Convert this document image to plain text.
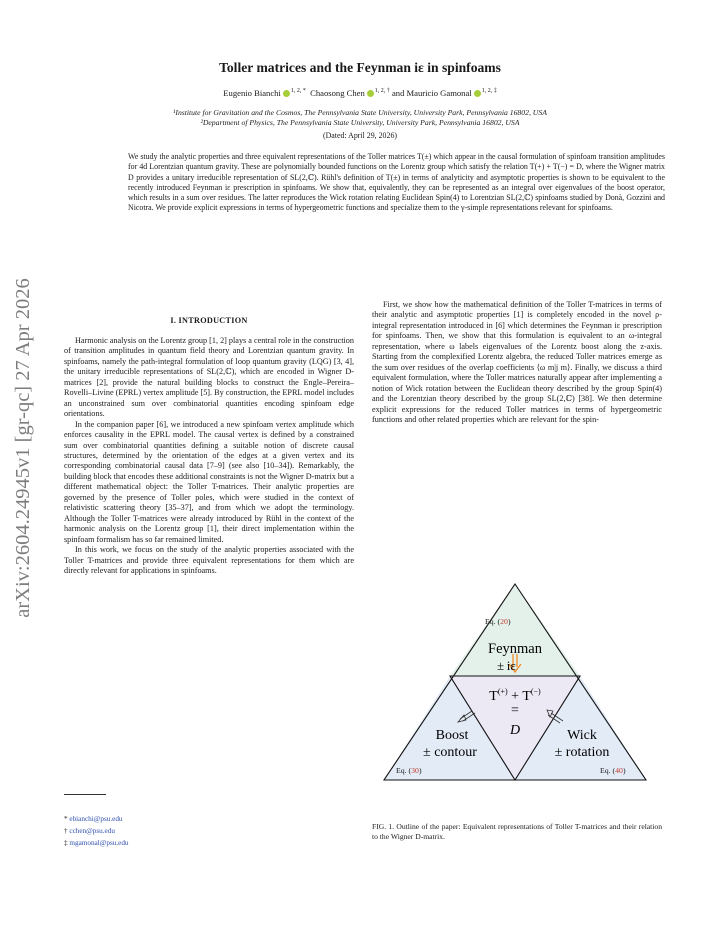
arXiv:2604.24945v1 [gr-qc] 27 Apr 2026
Toller matrices and the Feynman iε in spinfoams
Eugenio Bianchi $^{1, 2, *}$ Chaosong Chen $^{1, 2, \dagger}$ and Mauricio Gamonal $^{1, 2, \ddagger}$
¹Institute for Gravitation and the Cosmos, The Pennsylvania State University, University Park, Pennsylvania 16802, USA
²Department of Physics, The Pennsylvania State University, University Park, Pennsylvania 16802, USA
(Dated: April 29, 2026)
We study the analytic properties and three equivalent representations of the Toller matrices T(±) which appear in the causal formulation of spinfoam transition amplitudes for 4d Lorentzian quantum gravity. These are polynomially bounded functions on the Lorentz group which satisfy the relation T(+) + T(−) = D, where the Wigner matrix D provides a unitary irreducible representation of SL(2,ℂ). Rühl's definition of T(±) in terms of analyticity and asymptotic properties is shown to be equivalent to the recently introduced Feynman iε prescription in spinfoams. We show that, equivalently, they can be represented as an integral over eigenvalues of the boost operator, which results in a sum over residues. The latter reproduces the Wick rotation relating Euclidean Spin(4) to Lorentzian SL(2,ℂ) spinfoams studied by Donà, Gozzini and Nicotra. We provide explicit expressions in terms of hypergeometric functions and specialize them to the γ-simple representations relevant for spinfoams.
I. INTRODUCTION

Harmonic analysis on the Lorentz group [1, 2] plays a central role in the construction of transition amplitudes in quantum field theory and Lorentzian quantum gravity. In spinfoams, namely the path-integral formulation of loop quantum gravity (LQG) [3, 4], the unitary irreducible representations of SL(2,ℂ), which are encoded in Wigner D-matrices [2], provide the natural building blocks to construct the Engle–Pereira–Rovelli–Livine (EPRL) vertex amplitude [5]. By construction, the EPRL model includes an unconstrained sum over combinatorial quantities encoding spinfoam edge orientations.

In the companion paper [6], we introduced a new spinfoam vertex amplitude which enforces causality in the EPRL model. The causal vertex is defined by a constrained sum over combinatorial quantities defining a suitable notion of discrete causal structures, determined by the orientation of the edges at a given vertex and its corresponding combinatorial causal data [7–9] (see also [10–34]). Remarkably, the building block that encodes these additional constraints is not the Wigner D-matrix but a different mathematical object: the Toller T-matrices. Their analytic properties are governed by the presence of Toller poles, which were studied in the context of relativistic scattering theory [35–37], and from which we adopt the terminology. Although the Toller T-matrices were already introduced by Rühl in the context of the harmonic analysis on the Lorentz group [1], their direct implementation within the spinfoam formalism has so far remained limited.

In this work, we focus on the study of the analytic properties associated with the Toller T-matrices and provide three equivalent representations for them which are directly relevant for applications in spinfoams.

First, we show how the mathematical definition of the Toller T-matrices in terms of their analytic and asymptotic properties [1] is completely encoded in the novel ρ-integral representation introduced in [6] which determines the Feynman iε prescription for spinfoams. Then, we show that this formulation is equivalent to an ω-integral representation, where ω labels eigenvalues of the Lorentz boost along the z-axis. Starting from the complexified Lorentz algebra, the reduced Toller matrices emerge as the sum over residues of the overlap coefficients ⟨ω m|j m⟩. Finally, we discuss a third equivalent formulation, where the Toller matrices naturally appear after implementing a notion of Wick rotation between the Euclidean theory described by the group Spin(4) and the Lorentzian theory described by the group SL(2,ℂ) [38]. We then determine explicit expressions for the reduced Toller matrices in terms of hypergeometric functions and other related properties which are relevant for the spin-

* ebianchi@psu.edu
† cchen@psu.edu
‡ mgamonal@psu.edu
Eq. (20)
Feynman
± iε
T(+) + T(−)
=
D
Boost
± contour
Wick
± rotation
Eq. (30)	Eq. (40)
FIG. 1. Outline of the paper: Equivalent representations of Toller T-matrices and their relation to the Wigner D-matrix.
